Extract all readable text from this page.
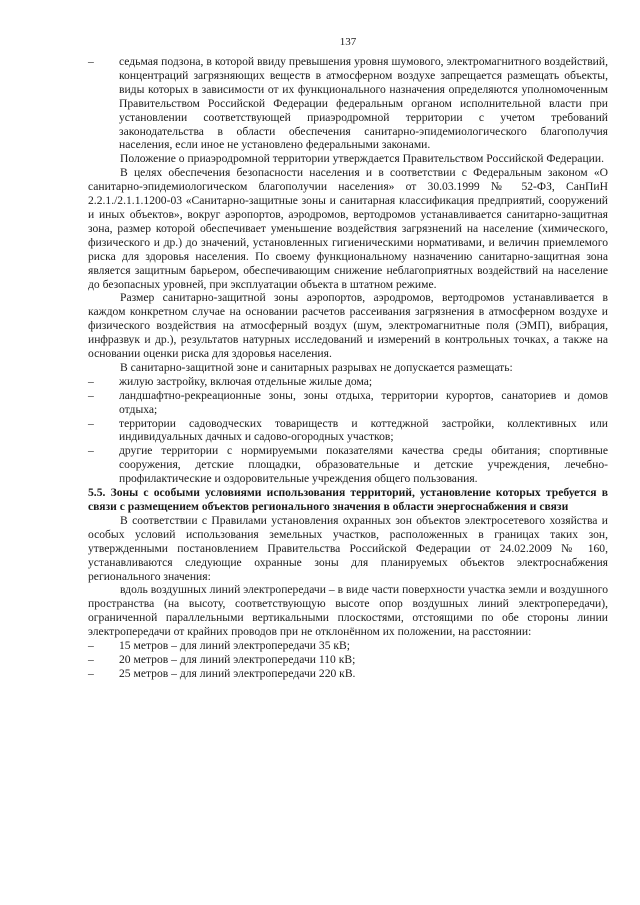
137

– седьмая подзона, в которой ввиду превышения уровня шумового, электромагнитного воздействий, концентраций загрязняющих веществ в атмосферном воздухе запрещается размещать объекты, виды которых в зависимости от их функционального назначения определяются уполномоченным Правительством Российской Федерации федеральным органом исполнительной власти при установлении соответствующей приаэродромной территории с учетом требований законодательства в области обеспечения санитарно-эпидемиологического благополучия населения, если иное не установлено федеральными законами.

Положение о приаэродромной территории утверждается Правительством Российской Федерации.

В целях обеспечения безопасности населения и в соответствии с Федеральным законом «О санитарно-эпидемиологическом благополучии населения» от 30.03.1999 № 52-ФЗ, СанПиН 2.2.1./2.1.1.1200-03 «Санитарно-защитные зоны и санитарная классификация предприятий, сооружений и иных объектов», вокруг аэропортов, аэродромов, вертодромов устанавливается санитарно-защитная зона, размер которой обеспечивает уменьшение воздействия загрязнений на население (химического, физического и др.) до значений, установленных гигиеническими нормативами, и величин приемлемого риска для здоровья населения. По своему функциональному назначению санитарно-защитная зона является защитным барьером, обеспечивающим снижение неблагоприятных воздействий на население до безопасных уровней, при эксплуатации объекта в штатном режиме.

Размер санитарно-защитной зоны аэропортов, аэродромов, вертодромов устанавливается в каждом конкретном случае на основании расчетов рассеивания загрязнения в атмосферном воздухе и физического воздействия на атмосферный воздух (шум, электромагнитные поля (ЭМП), вибрация, инфразвук и др.), результатов натурных исследований и измерений в контрольных точках, а также на основании оценки риска для здоровья населения.

В санитарно-защитной зоне и санитарных разрывах не допускается размещать:

– жилую застройку, включая отдельные жилые дома;

– ландшафтно-рекреационные зоны, зоны отдыха, территории курортов, санаториев и домов отдыха;

– территории садоводческих товариществ и коттеджной застройки, коллективных или индивидуальных дачных и садово-огородных участков;

– другие территории с нормируемыми показателями качества среды обитания; спортивные сооружения, детские площадки, образовательные и детские учреждения, лечебно-профилактические и оздоровительные учреждения общего пользования.

5.5. Зоны с особыми условиями использования территорий, установление которых требуется в связи с размещением объектов регионального значения в области энергоснабжения и связи

В соответствии с Правилами установления охранных зон объектов электросетевого хозяйства и особых условий использования земельных участков, расположенных в границах таких зон, утвержденными постановлением Правительства Российской Федерации от 24.02.2009 № 160, устанавливаются следующие охранные зоны для планируемых объектов электроснабжения регионального значения:

вдоль воздушных линий электропередачи – в виде части поверхности участка земли и воздушного пространства (на высоту, соответствующую высоте опор воздушных линий электропередачи), ограниченной параллельными вертикальными плоскостями, отстоящими по обе стороны линии электропередачи от крайних проводов при не отклонённом их положении, на расстоянии:

– 15 метров – для линий электропередачи 35 кВ;

– 20 метров – для линий электропередачи 110 кВ;

– 25 метров – для линий электропередачи 220 кВ.
